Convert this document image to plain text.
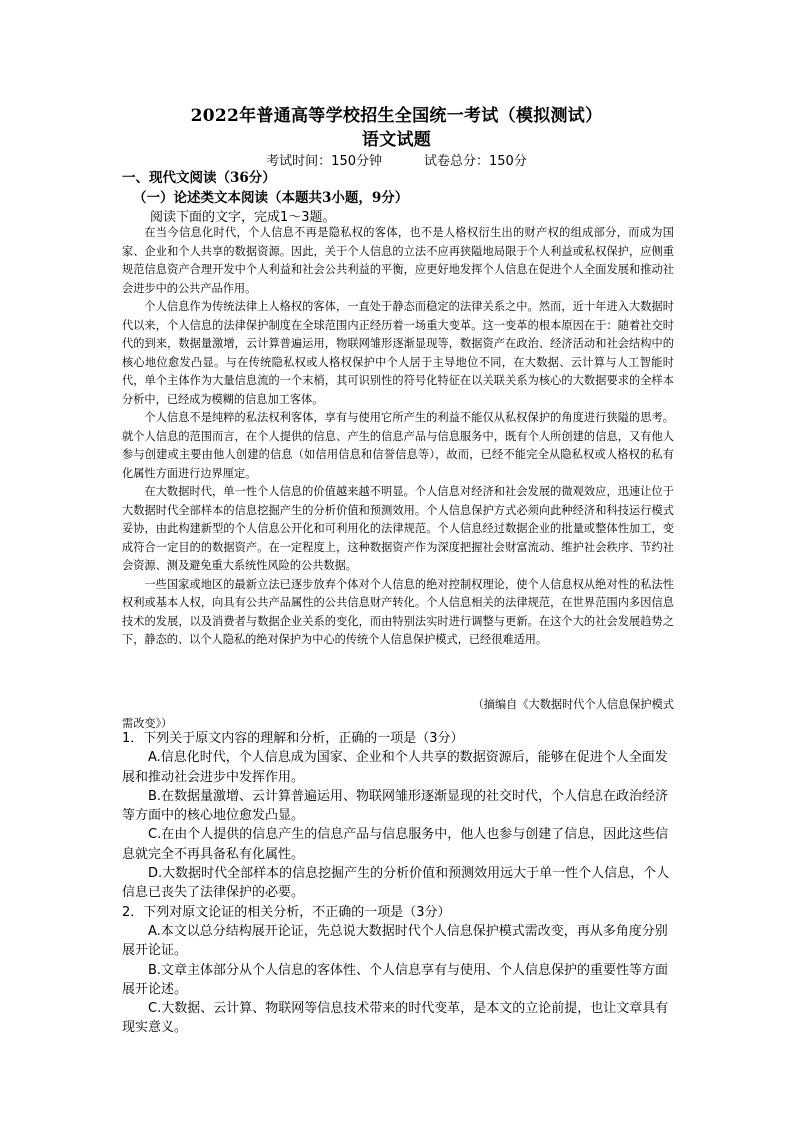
2022年普通高等学校招生全国统一考试（模拟测试）
语文试题
考试时间：150分钟	试卷总分：150分
一、现代文阅读（36分）
（一）论述类文本阅读（本题共3小题，9分）
阅读下面的文字，完成1～3题。

在当今信息化时代，个人信息不再是隐私权的客体，也不是人格权衍生出的财产权的组成部分，而成为国家、企业和个人共享的数据资源。因此，关于个人信息的立法不应再狭隘地局限于个人利益或私权保护，应侧重规范信息资产合理开发中个人利益和社会公共利益的平衡，应更好地发挥个人信息在促进个人全面发展和推动社会进步中的公共产品作用。

个人信息作为传统法律上人格权的客体，一直处于静态而稳定的法律关系之中。然而，近十年进入大数据时代以来，个人信息的法律保护制度在全球范围内正经历着一场重大变革。这一变革的根本原因在于：随着社交时代的到来，数据量激增，云计算普遍运用，物联网雏形逐渐显现等，数据资产在政治、经济活动和社会结构中的核心地位愈发凸显。与在传统隐私权或人格权保护中个人居于主导地位不同，在大数据、云计算与人工智能时代，单个主体作为大量信息流的一个末梢，其可识别性的符号化特征在以关联关系为核心的大数据要求的全样本分析中，已经成为模糊的信息加工客体。

个人信息不是纯粹的私法权利客体，享有与使用它所产生的利益不能仅从私权保护的角度进行狭隘的思考。就个人信息的范围而言，在个人提供的信息、产生的信息产品与信息服务中，既有个人所创建的信息，又有他人参与创建或主要由他人创建的信息（如信用信息和信誉信息等），故而，已经不能完全从隐私权或人格权的私有化属性方面进行边界厘定。

在大数据时代，单一性个人信息的价值越来越不明显。个人信息对经济和社会发展的微观效应，迅速让位于大数据时代全部样本的信息挖掘产生的分析价值和预测效用。个人信息保护方式必须向此种经济和科技运行模式妥协，由此构建新型的个人信息公开化和可利用化的法律规范。个人信息经过数据企业的批量或整体性加工，变成符合一定目的的数据资产。在一定程度上，这种数据资产作为深度把握社会财富流动、维护社会秩序、节约社会资源、测及避免重大系统性风险的公共数据。

一些国家或地区的最新立法已逐步放弃个体对个人信息的绝对控制权理论，使个人信息权从绝对性的私法性权利或基本人权，向具有公共产品属性的公共信息财产转化。个人信息相关的法律规范，在世界范围内多因信息技术的发展，以及消费者与数据企业关系的变化，而由特别法实时进行调整与更新。在这个大的社会发展趋势之下，静态的、以个人隐私的绝对保护为中心的传统个人信息保护模式，已经很难适用。

（摘编自《大数据时代个人信息保护模式
需改变》）

1．下列关于原文内容的理解和分析，正确的一项是（3分）

A.信息化时代，个人信息成为国家、企业和个人共享的数据资源后，能够在促进个人全面发展和推动社会进步中发挥作用。

B.在数据量激增、云计算普遍运用、物联网雏形逐渐显现的社交时代，个人信息在政治经济等方面中的核心地位愈发凸显。

C.在由个人提供的信息产生的信息产品与信息服务中，他人也参与创建了信息，因此这些信息就完全不再具备私有化属性。

D.大数据时代全部样本的信息挖掘产生的分析价值和预测效用远大于单一性个人信息，个人信息已丧失了法律保护的必要。

2．下列对原文论证的相关分析，不正确的一项是（3分）

A.本文以总分结构展开论证，先总说大数据时代个人信息保护模式需改变，再从多角度分别展开论证。

B.文章主体部分从个人信息的客体性、个人信息享有与使用、个人信息保护的重要性等方面展开论述。

C.大数据、云计算、物联网等信息技术带来的时代变革，是本文的立论前提，也让文章具有现实意义。
